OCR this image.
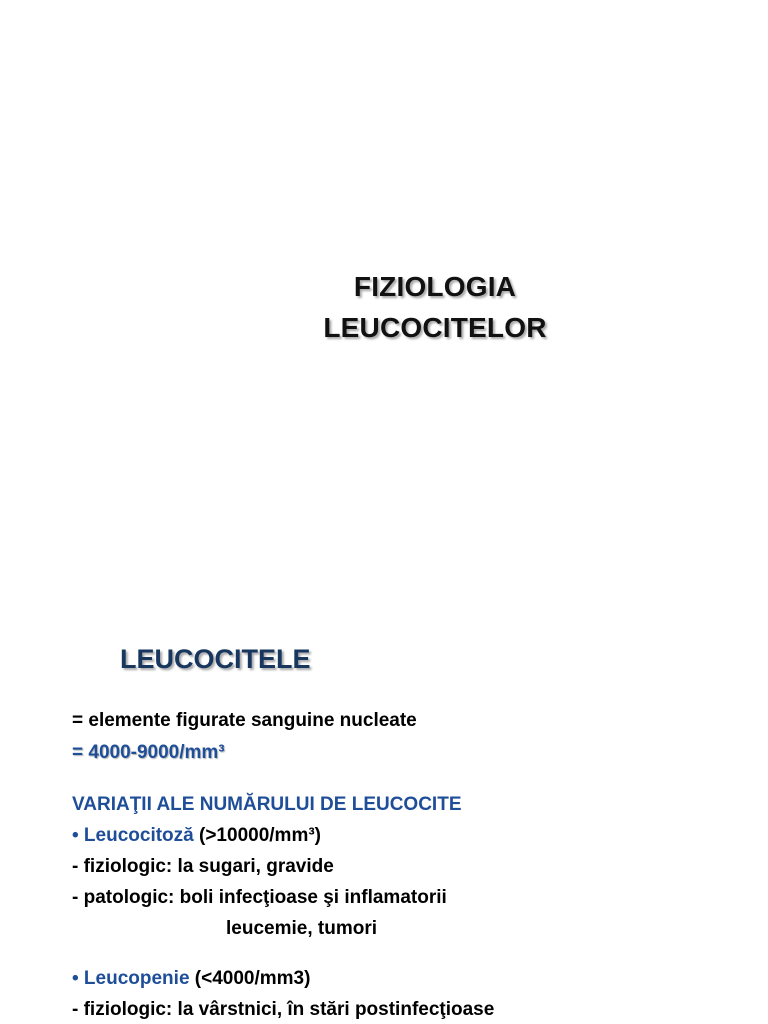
FIZIOLOGIA
LEUCOCITELOR
LEUCOCITELE
= elemente figurate sanguine nucleate
= 4000-9000/mm³
VARIAŢII ALE NUMĂRULUI DE LEUCOCITE
• Leucocitoză (>10000/mm³)
- fiziologic: la sugari, gravide
- patologic: boli infecţioase şi inflamatorii
leucemie, tumori
• Leucopenie (<4000/mm3)
- fiziologic: la vârstnici, în stări postinfecţioase
